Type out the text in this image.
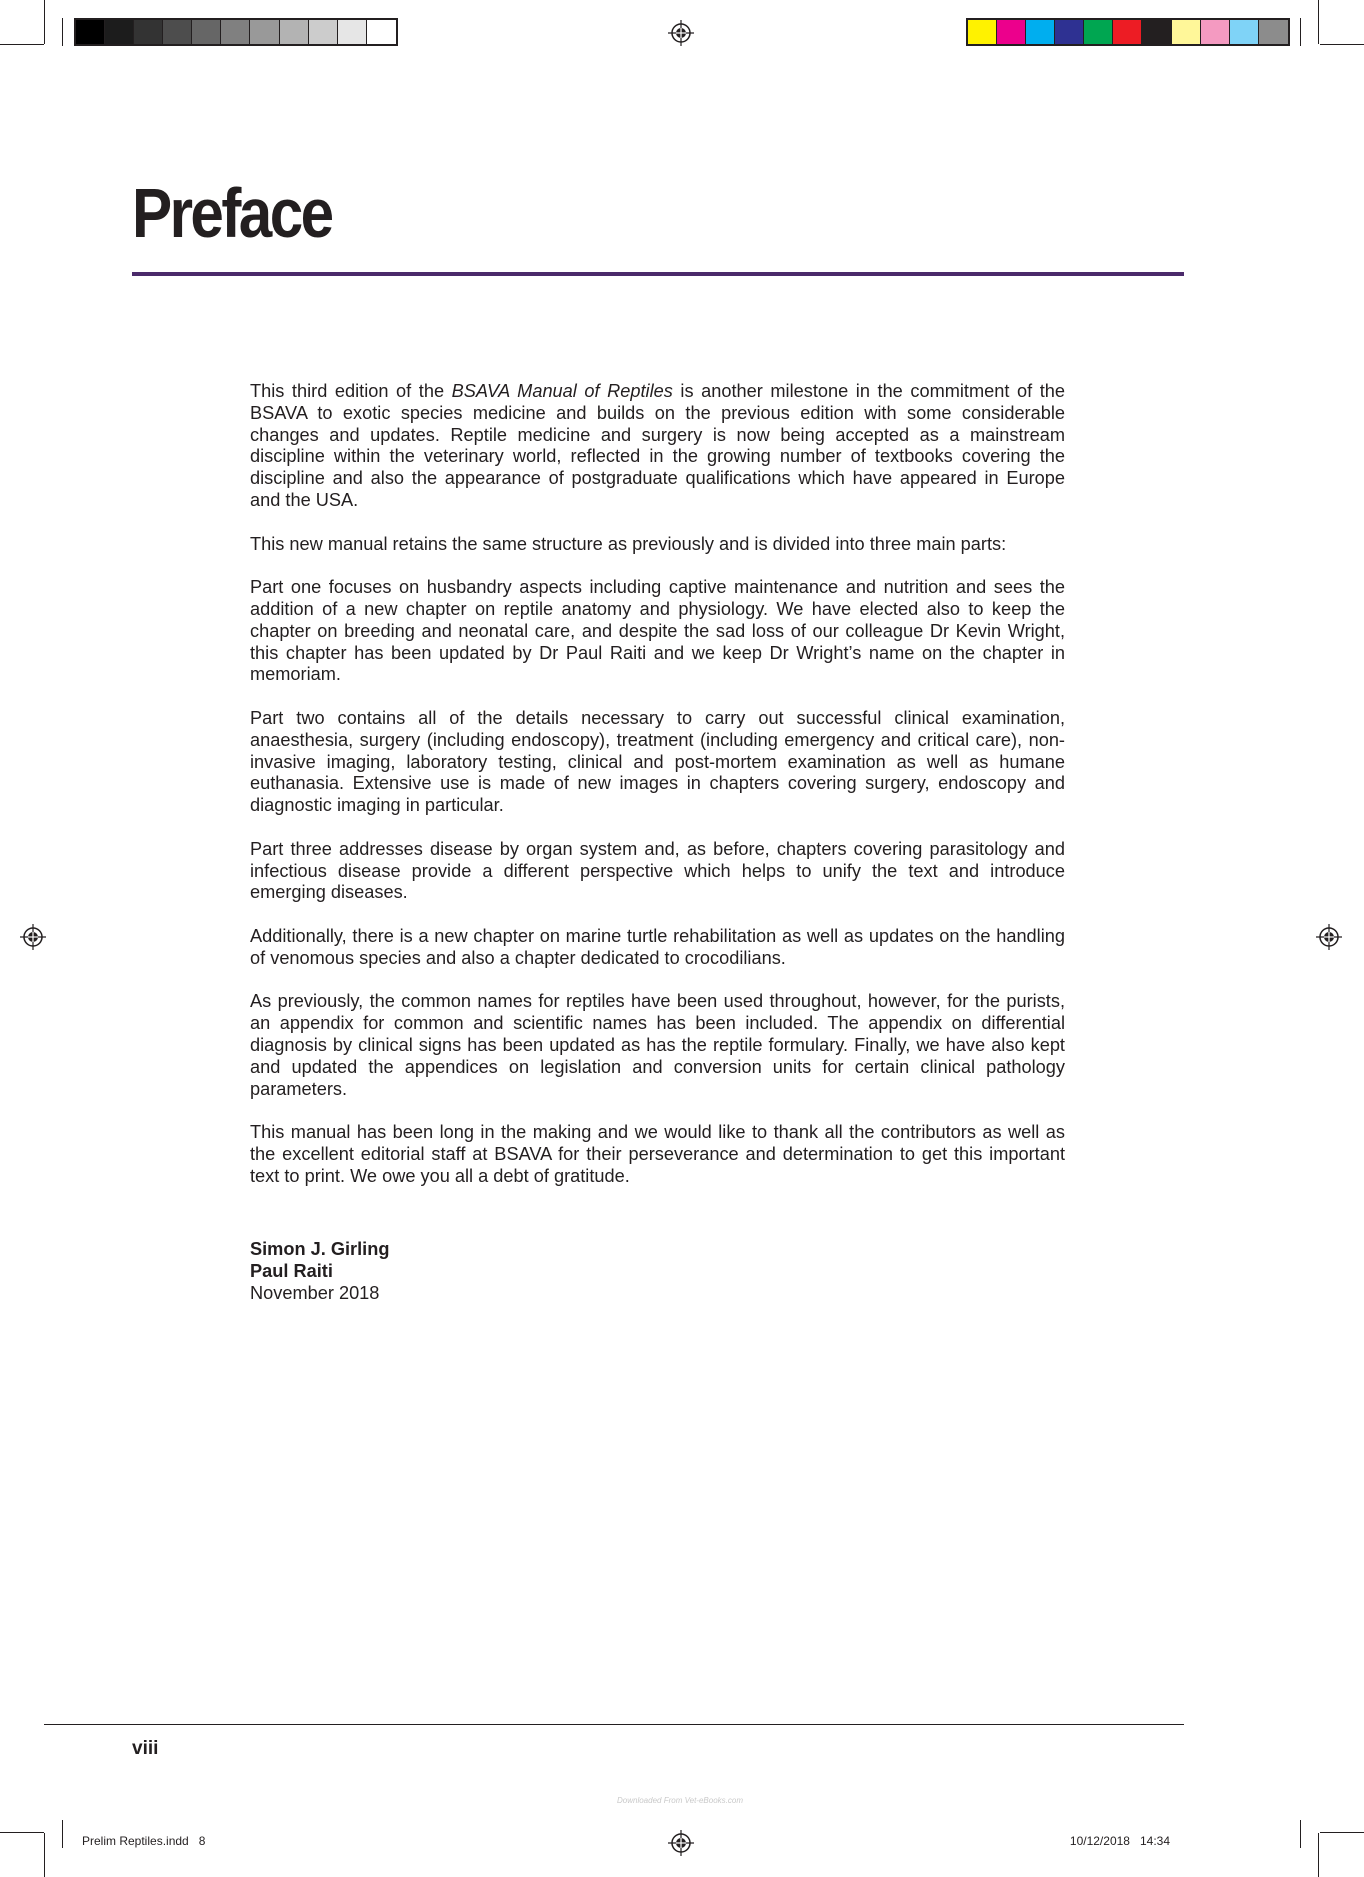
Preface

This third edition of the BSAVA Manual of Reptiles is another milestone in the commitment of the BSAVA to exotic species medicine and builds on the previous edition with some considerable changes and updates. Reptile medicine and surgery is now being accepted as a mainstream discipline within the veterinary world, reflected in the growing number of textbooks covering the discipline and also the appearance of postgraduate qualifications which have appeared in Europe and the USA.

This new manual retains the same structure as previously and is divided into three main parts:

Part one focuses on husbandry aspects including captive maintenance and nutrition and sees the addition of a new chapter on reptile anatomy and physiology. We have elected also to keep the chapter on breeding and neonatal care, and despite the sad loss of our colleague Dr Kevin Wright, this chapter has been updated by Dr Paul Raiti and we keep Dr Wright’s name on the chapter in memoriam.

Part two contains all of the details necessary to carry out successful clinical examination, anaesthesia, surgery (including endoscopy), treatment (including emergency and critical care), non-invasive imaging, laboratory testing, clinical and post-mortem examination as well as humane euthanasia. Extensive use is made of new images in chapters covering surgery, endoscopy and diagnostic imaging in particular.

Part three addresses disease by organ system and, as before, chapters covering parasitology and infectious disease provide a different perspective which helps to unify the text and introduce emerging diseases.

Additionally, there is a new chapter on marine turtle rehabilitation as well as updates on the handling of venomous species and also a chapter dedicated to crocodilians.

As previously, the common names for reptiles have been used throughout, however, for the purists, an appendix for common and scientific names has been included. The appendix on differential diagnosis by clinical signs has been updated as has the reptile formulary. Finally, we have also kept and updated the appendices on legislation and conversion units for certain clinical pathology parameters.

This manual has been long in the making and we would like to thank all the contributors as well as the excellent editorial staff at BSAVA for their perseverance and determination to get this important text to print. We owe you all a debt of gratitude.

Simon J. Girling
Paul Raiti
November 2018
viii
Downloaded From Vet-eBooks.com
Prelim Reptiles.indd   8	10/12/2018   14:34
